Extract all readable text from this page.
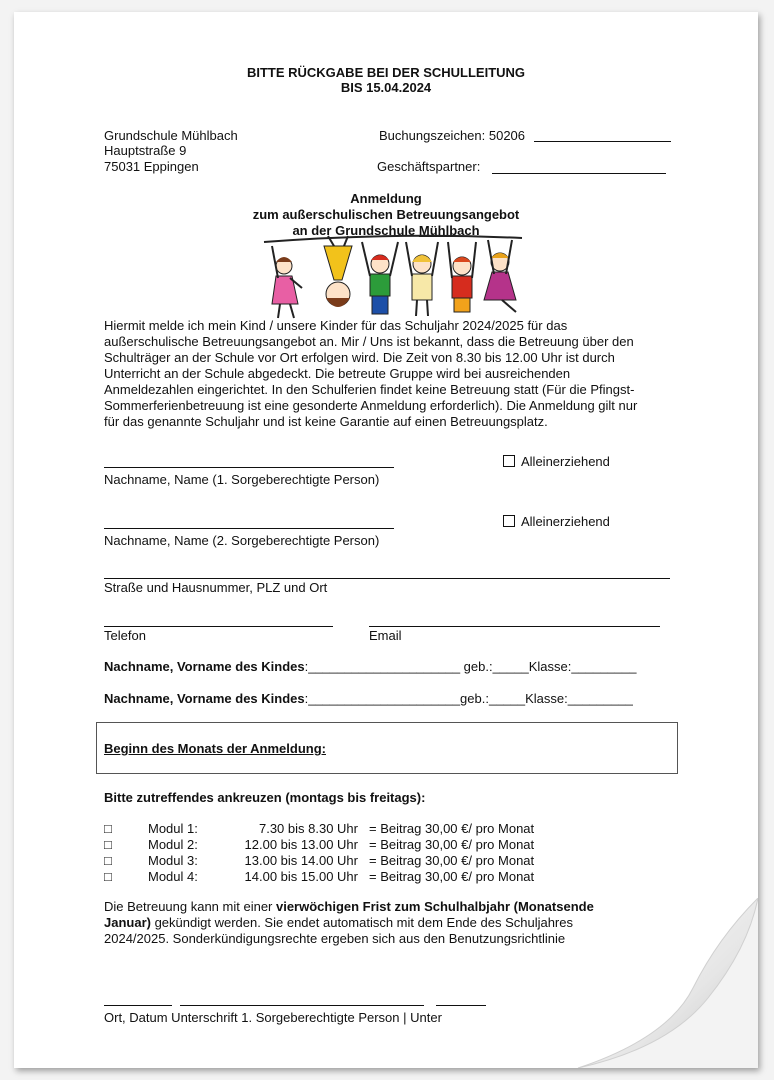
BITTE RÜCKGABE BEI DER SCHULLEITUNG
BIS 15.04.2024
Grundschule Mühlbach
Hauptstraße 9
75031 Eppingen
Buchungszeichen: 50206
Geschäftspartner:
Anmeldung
zum außerschulischen Betreuungsangebot
an der Grundschule Mühlbach
Hiermit melde ich mein Kind / unsere Kinder für das Schuljahr 2024/2025 für das
außerschulische Betreuungsangebot an. Mir / Uns ist bekannt, dass die Betreuung über den
Schulträger an der Schule vor Ort erfolgen wird. Die Zeit von 8.30 bis 12.00 Uhr ist durch
Unterricht an der Schule abgedeckt. Die betreute Gruppe wird bei ausreichenden
Anmeldezahlen eingerichtet. In den Schulferien findet keine Betreuung statt (Für die Pfingst-
Sommerferienbetreuung ist eine gesonderte Anmeldung erforderlich). Die Anmeldung gilt nur
für das genannte Schuljahr und ist keine Garantie auf einen Betreuungsplatz.
Nachname, Name (1. Sorgeberechtigte Person)
Alleinerziehend
Nachname, Name (2. Sorgeberechtigte Person)
Alleinerziehend
Straße und Hausnummer, PLZ und Ort
Telefon	Email
Nachname, Vorname des Kindes:_____________________ geb.:_____Klasse:_________
Nachname, Vorname des Kindes:_____________________geb.:_____Klasse:_________
Beginn des Monats der Anmeldung:
Bitte zutreffendes ankreuzen (montags bis freitags):
□	Modul 1:	7.30 bis 8.30 Uhr = Beitrag 30,00 €/ pro Monat
□	Modul 2:	12.00 bis 13.00 Uhr = Beitrag 30,00 €/ pro Monat
□	Modul 3:	13.00 bis 14.00 Uhr = Beitrag 30,00 €/ pro Monat
□	Modul 4:	14.00 bis 15.00 Uhr = Beitrag 30,00 €/ pro Monat
Die Betreuung kann mit einer vierwöchigen Frist zum Schulhalbjahr (Monatsende
Januar) gekündigt werden. Sie endet automatisch mit dem Ende des Schuljahres
2024/2025. Sonderkündigungsrechte ergeben sich aus den Benutzungsrichtlinie
Ort, Datum Unterschrift 1. Sorgeberechtigte Person | Unter
